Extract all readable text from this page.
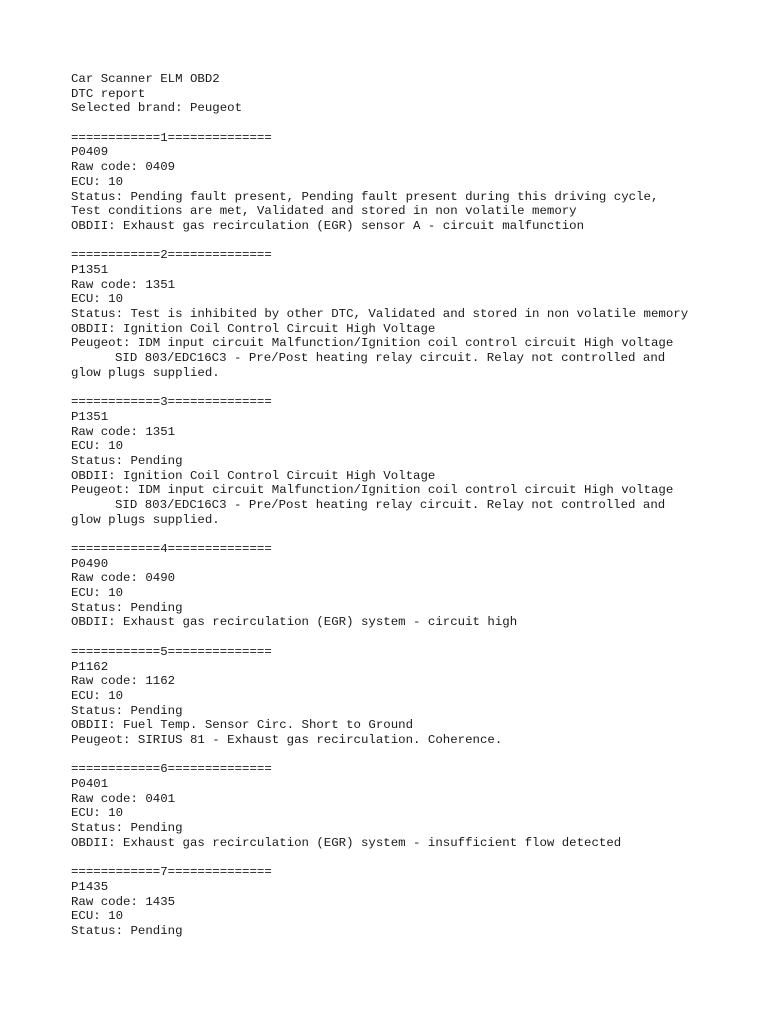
Car Scanner ELM OBD2
DTC report
Selected brand: Peugeot
============1==============
P0409
Raw code: 0409
ECU: 10
Status: Pending fault present, Pending fault present during this driving cycle,
Test conditions are met, Validated and stored in non volatile memory
OBDII: Exhaust gas recirculation (EGR) sensor A - circuit malfunction
============2==============
P1351
Raw code: 1351
ECU: 10
Status: Test is inhibited by other DTC, Validated and stored in non volatile memory
OBDII: Ignition Coil Control Circuit High Voltage
Peugeot: IDM input circuit Malfunction/Ignition coil control circuit High voltage
SID 803/EDC16C3 - Pre/Post heating relay circuit. Relay not controlled and
glow plugs supplied.
============3==============
P1351
Raw code: 1351
ECU: 10
Status: Pending
OBDII: Ignition Coil Control Circuit High Voltage
Peugeot: IDM input circuit Malfunction/Ignition coil control circuit High voltage
SID 803/EDC16C3 - Pre/Post heating relay circuit. Relay not controlled and
glow plugs supplied.
============4==============
P0490
Raw code: 0490
ECU: 10
Status: Pending
OBDII: Exhaust gas recirculation (EGR) system - circuit high
============5==============
P1162
Raw code: 1162
ECU: 10
Status: Pending
OBDII: Fuel Temp. Sensor Circ. Short to Ground
Peugeot: SIRIUS 81 - Exhaust gas recirculation. Coherence.
============6==============
P0401
Raw code: 0401
ECU: 10
Status: Pending
OBDII: Exhaust gas recirculation (EGR) system - insufficient flow detected
============7==============
P1435
Raw code: 1435
ECU: 10
Status: Pending
